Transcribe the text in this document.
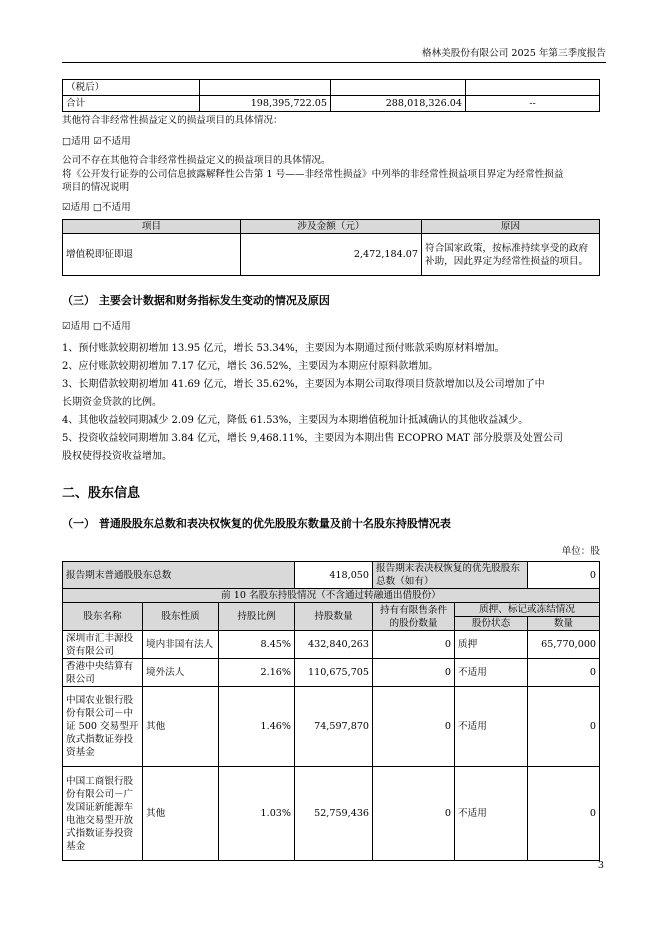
格林美股份有限公司 2025 年第三季度报告
（税后）			
合计	198,395,722.05	288,018,326.04	--
其他符合非经常性损益定义的损益项目的具体情况：
□适用 ☑不适用
公司不存在其他符合非经常性损益定义的损益项目的具体情况。
将《公开发行证券的公司信息披露解释性公告第 1 号——非经常性损益》中列举的非经常性损益项目界定为经常性损益
项目的情况说明
☑适用 □不适用
项目	涉及金额（元）	原因
增值税即征即退	2,472,184.07	符合国家政策，按标准持续享受的政府补助，因此界定为经常性损益的项目。
（三） 主要会计数据和财务指标发生变动的情况及原因
☑适用 □不适用
1、预付账款较期初增加 13.95 亿元，增长 53.34%，主要因为本期通过预付账款采购原材料增加。
2、应付账款较期初增加 7.17 亿元，增长 36.52%，主要因为本期应付原料款增加。
3、长期借款较期初增加 41.69 亿元，增长 35.62%，主要因为本期公司取得项目贷款增加以及公司增加了中
长期资金贷款的比例。
4、其他收益较同期减少 2.09 亿元，降低 61.53%，主要因为本期增值税加计抵减确认的其他收益减少。
5、投资收益较同期增加 3.84 亿元，增长 9,468.11%，主要因为本期出售 ECOPRO MAT 部分股票及处置公司
股权使得投资收益增加。
二、股东信息
（一） 普通股股东总数和表决权恢复的优先股股东数量及前十名股东持股情况表
单位：股
报告期末普通股股东总数			418,050	报告期末表决权恢复的优先股股东总数（如有）		0
前 10 名股东持股情况（不含通过转融通出借股份）						
股东名称	股东性质	持股比例	持股数量	持有有限售条件的股份数量	质押、标记或冻结情况	
					股份状态	数量
深圳市汇丰源投资有限公司	境内非国有法人	8.45%	432,840,263	0	质押	65,770,000
香港中央结算有限公司	境外法人	2.16%	110,675,705	0	不适用	0
中国农业银行股份有限公司－中证 500 交易型开放式指数证券投资基金	其他	1.46%	74,597,870	0	不适用	0
中国工商银行股份有限公司－广发国证新能源车电池交易型开放式指数证券投资基金	其他	1.03%	52,759,436	0	不适用	0
3
